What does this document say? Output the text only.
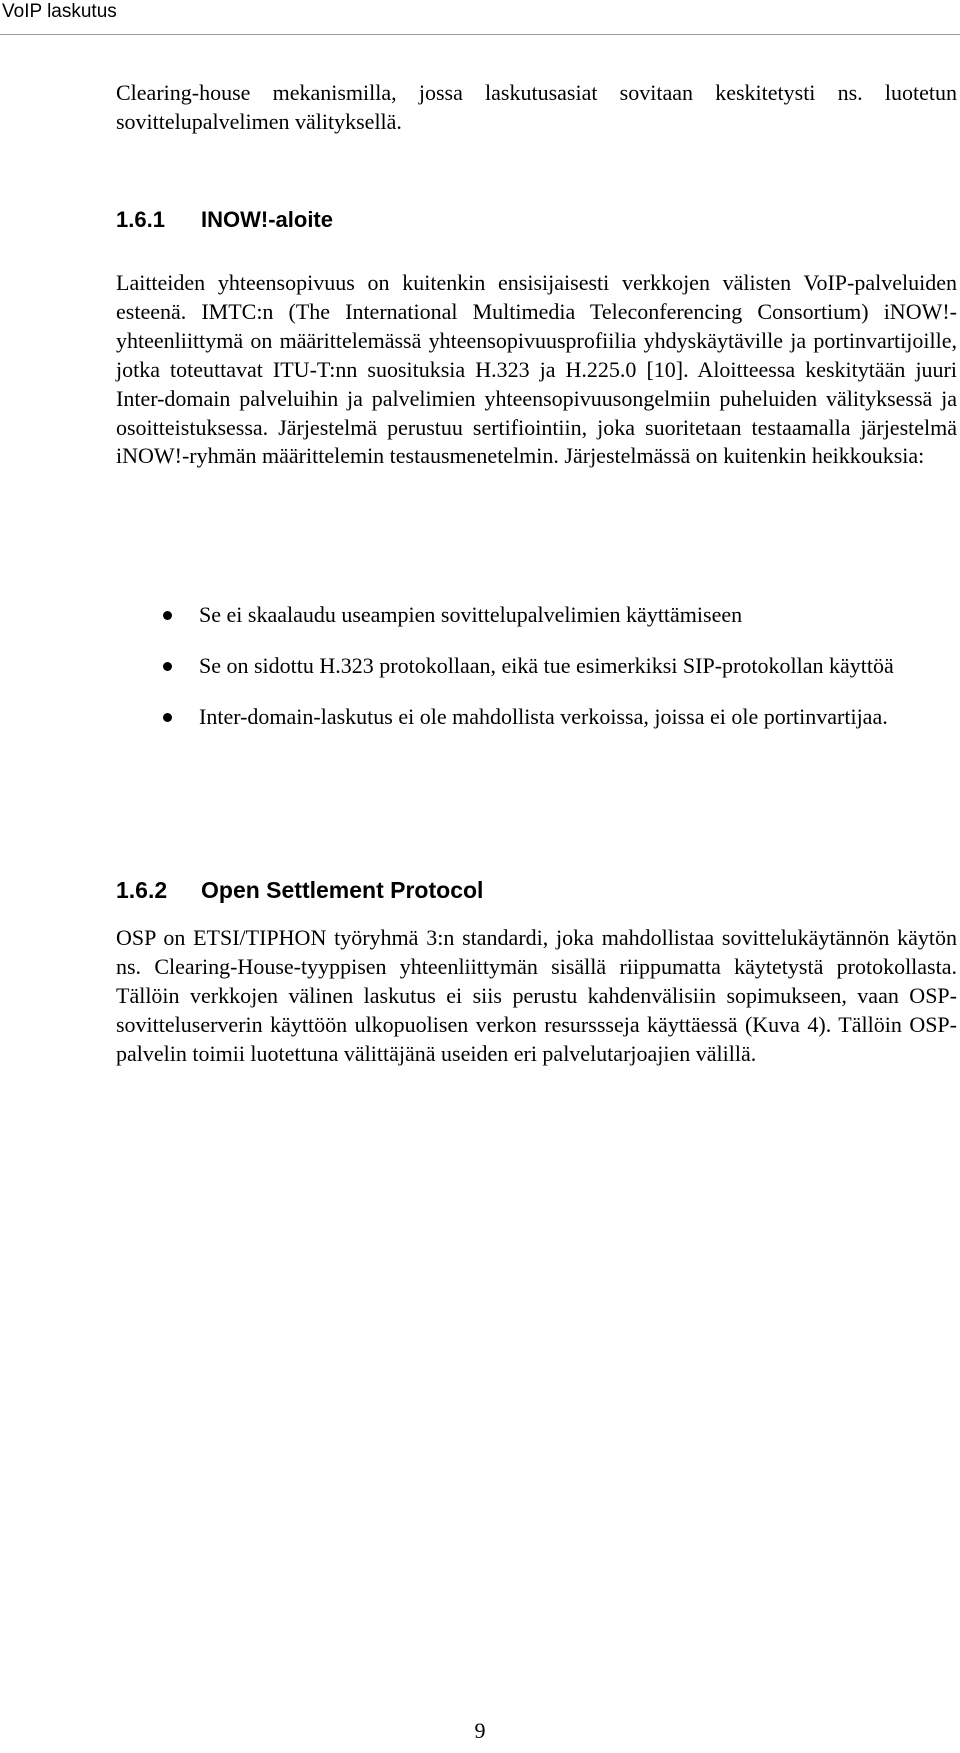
VoIP laskutus

Clearing-house mekanismilla, jossa laskutusasiat sovitaan keskitetysti ns. luotetun sovittelupalvelimen välityksellä.

1.6.1 INOW!-aloite

Laitteiden yhteensopivuus on kuitenkin ensisijaisesti verkkojen välisten VoIP-palveluiden esteenä. IMTC:n (The International Multimedia Teleconferencing Consortium) iNOW!-yhteenliittymä on määrittelemässä yhteensopivuusprofiilia yhdyskäytäville ja portinvartijoille, jotka toteuttavat ITU-T:nn suosituksia H.323 ja H.225.0 [10]. Aloitteessa keskitytään juuri Inter-domain palveluihin ja palvelimien yhteensopivuusongelmiin puheluiden välityksessä ja osoitteistuksessa. Järjestelmä perustuu sertifiointiin, joka suoritetaan testaamalla järjestelmä iNOW!-ryhmän määrittelemin testausmenetelmin. Järjestelmässä on kuitenkin heikkouksia:

Se ei skaalaudu useampien sovittelupalvelimien käyttämiseen
Se on sidottu H.323 protokollaan, eikä tue esimerkiksi SIP-protokollan käyttöä
Inter-domain-laskutus ei ole mahdollista verkoissa, joissa ei ole portinvartijaa.
1.6.2 Open Settlement Protocol

OSP on ETSI/TIPHON työryhmä 3:n standardi, joka mahdollistaa sovittelukäytännön käytön ns. Clearing-House-tyyppisen yhteenliittymän sisällä riippumatta käytetystä protokollasta. Tällöin verkkojen välinen laskutus ei siis perustu kahdenvälisiin sopimukseen, vaan OSP-sovitteluserverin käyttöön ulkopuolisen verkon resurssseja käyttäessä (Kuva 4). Tällöin OSP-palvelin toimii luotettuna välittäjänä useiden eri palvelutarjoajien välillä.

9
